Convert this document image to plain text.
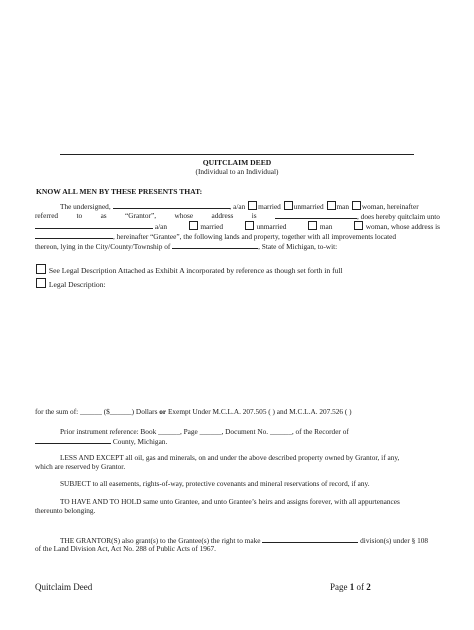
QUITCLAIM DEED
(Individual to an Individual)
KNOW ALL MEN BY THESE PRESENTS THAT:
The undersigned,	, a/an married unmarried man woman, hereinafter
referred	to	as	“Grantor”,	whose	address	is	, does hereby quitclaim unto
a/an	married	unmarried	man	woman, whose address is
, hereinafter “Grantee”, the following lands and property, together with all improvements located
thereon, lying in the City/County/Township of	, State of Michigan, to-wit:
See Legal Description Attached as Exhibit A incorporated by reference as though set forth in full
Legal Description:
for the sum of: ______ ($______) Dollars or Exempt Under M.C.L.A. 207.505 ( ) and M.C.L.A. 207.526 ( )
Prior instrument reference: Book ______, Page ______, Document No. ______, of the Recorder of
County, Michigan.
LESS AND EXCEPT all oil, gas and minerals, on and under the above described property owned by Grantor, if any,
which are reserved by Grantor.
SUBJECT to all easements, rights-of-way, protective covenants and mineral reservations of record, if any.
TO HAVE AND TO HOLD same unto Grantee, and unto Grantee’s heirs and assigns forever, with all appurtenances
thereunto belonging.
THE GRANTOR(S) also grant(s) to the Grantee(s) the right to make	division(s) under § 108
of the Land Division Act, Act No. 288 of Public Acts of 1967.
Quitclaim Deed	Page 1 of 2
